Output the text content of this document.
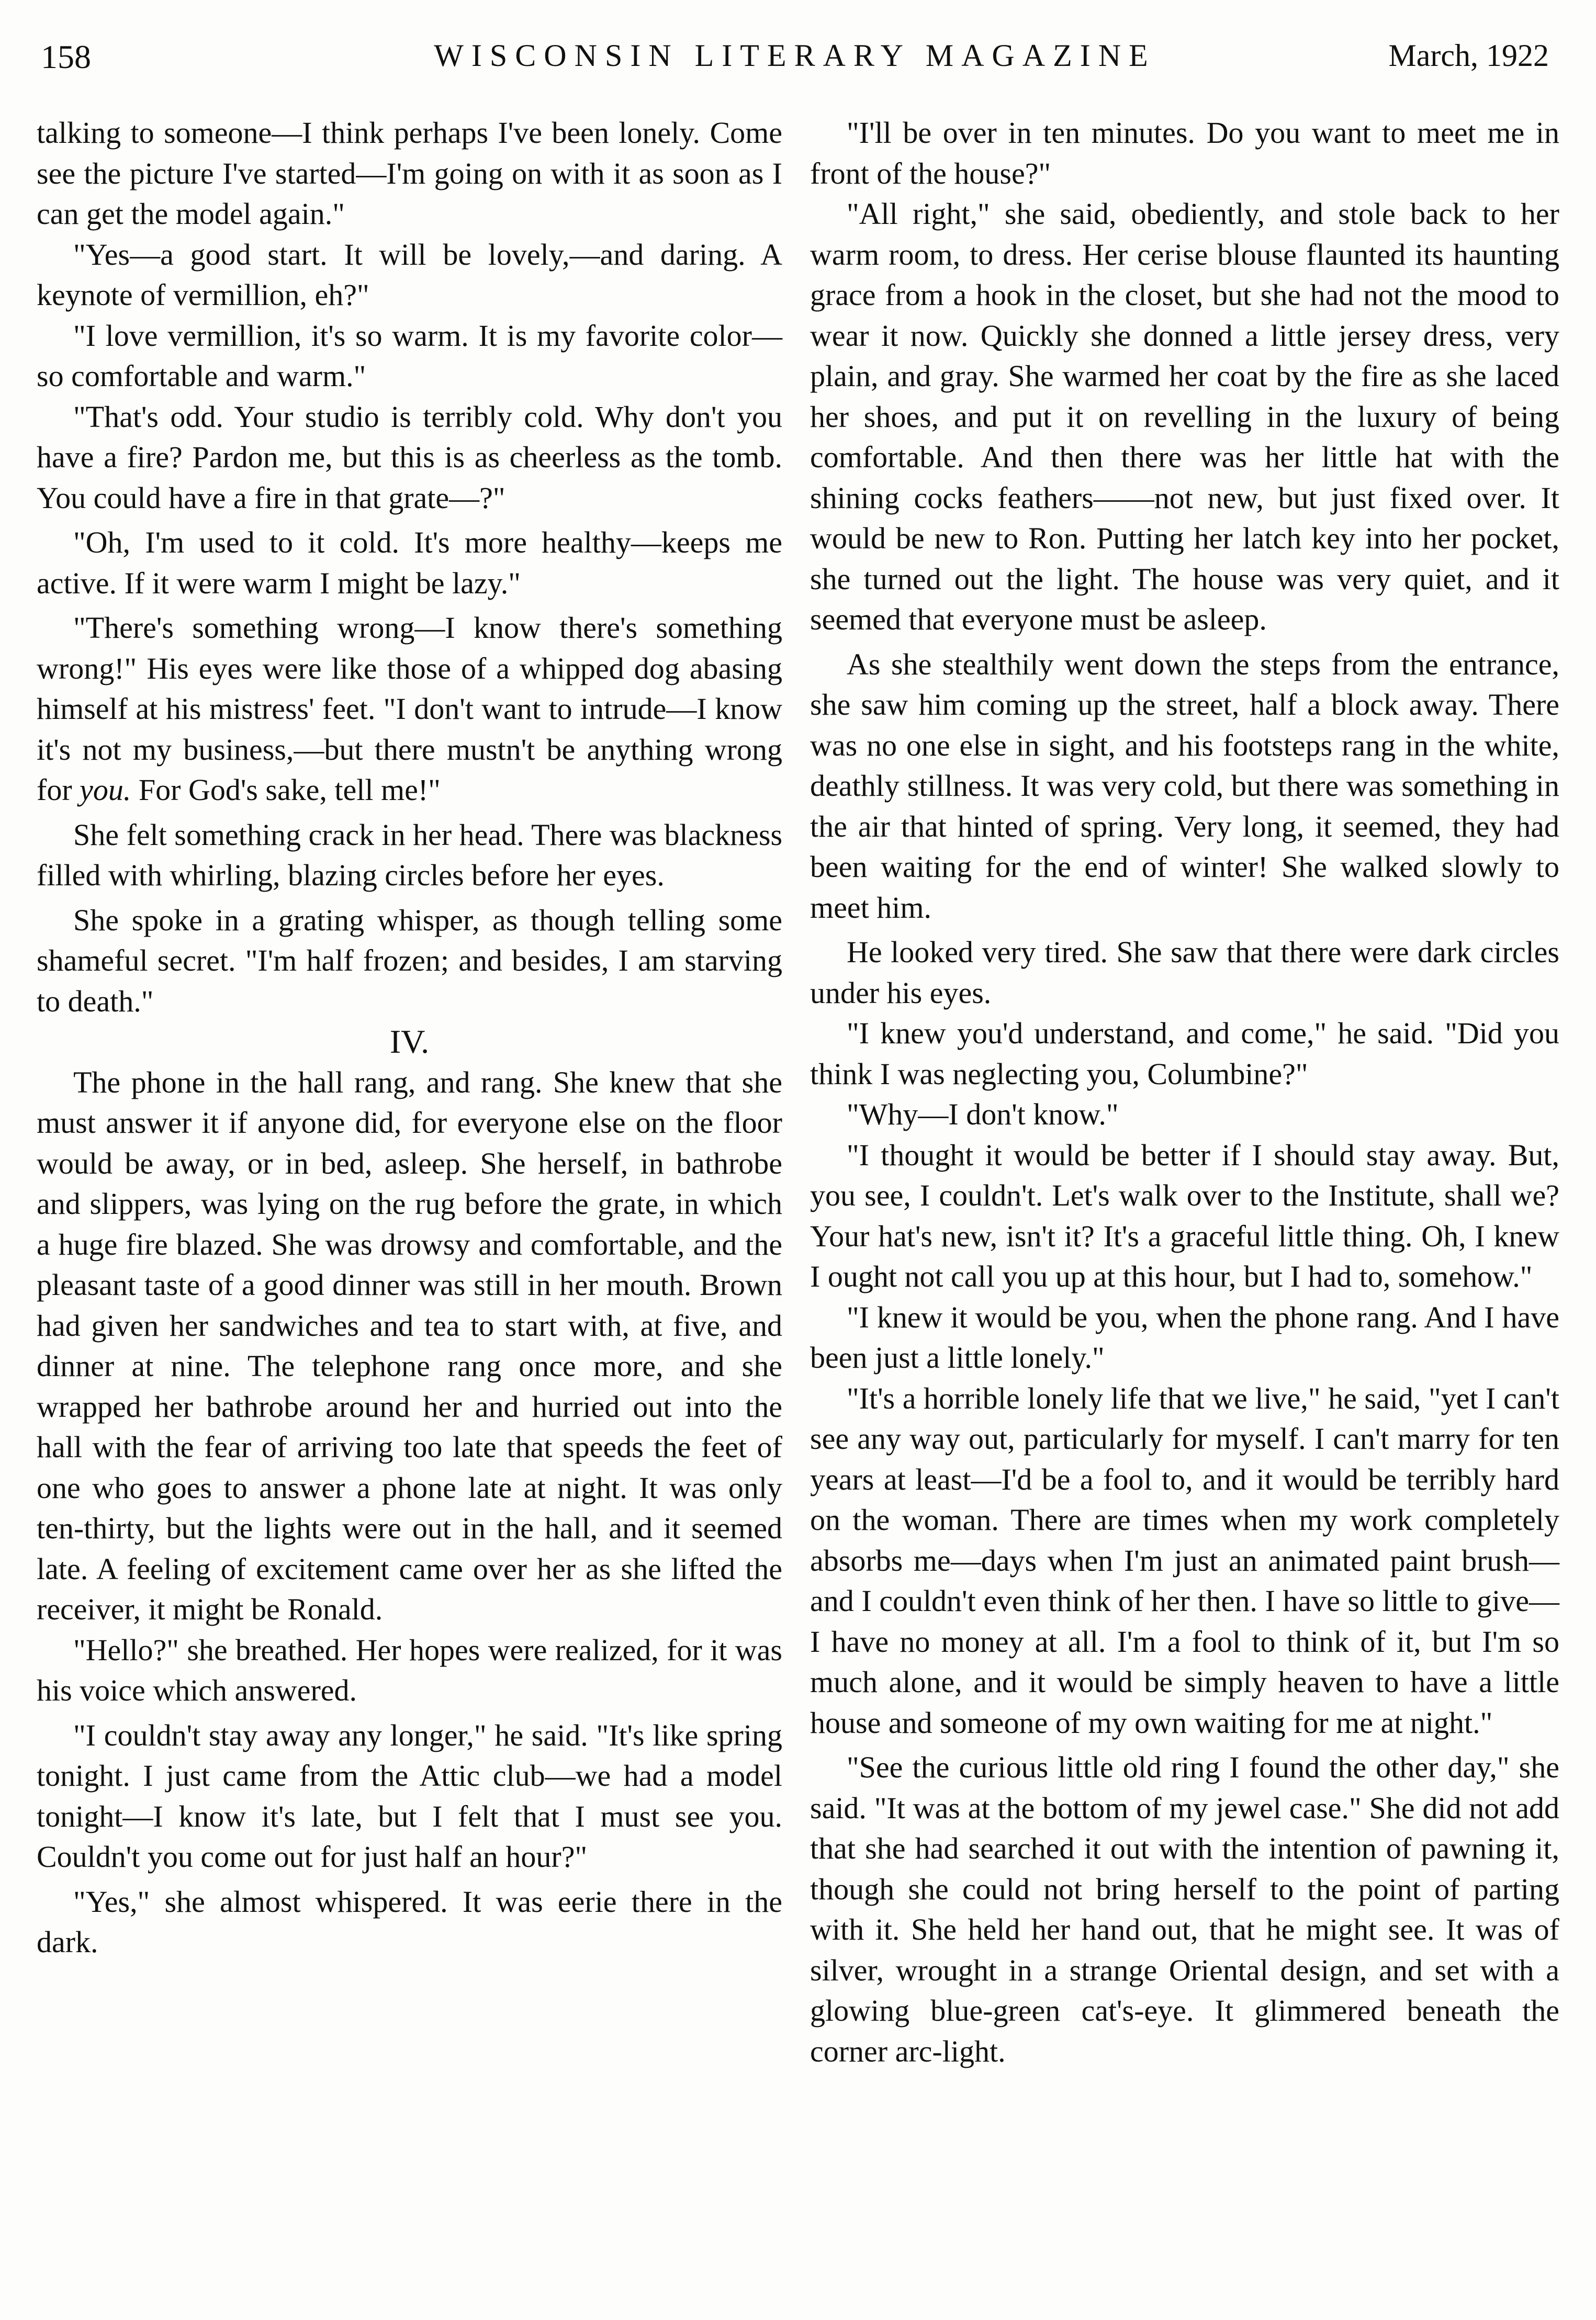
158	WISCONSIN LITERARY MAGAZINE	March, 1922

talking to someone—I think perhaps I've been lonely. Come see the picture I've started—I'm going on with it as soon as I can get the model again."

"Yes—a good start. It will be lovely,—and daring. A keynote of vermillion, eh?"

"I love vermillion, it's so warm. It is my favorite color—so comfortable and warm."

"That's odd. Your studio is terribly cold. Why don't you have a fire? Pardon me, but this is as cheerless as the tomb. You could have a fire in that grate—?"

"Oh, I'm used to it cold. It's more healthy—keeps me active. If it were warm I might be lazy."

"There's something wrong—I know there's something wrong!" His eyes were like those of a whipped dog abasing himself at his mistress' feet. "I don't want to intrude—I know it's not my business,—but there mustn't be anything wrong for you. For God's sake, tell me!"

She felt something crack in her head. There was blackness filled with whirling, blazing circles before her eyes.

She spoke in a grating whisper, as though telling some shameful secret. "I'm half frozen; and besides, I am starving to death."

IV.

The phone in the hall rang, and rang. She knew that she must answer it if anyone did, for everyone else on the floor would be away, or in bed, asleep. She herself, in bathrobe and slippers, was lying on the rug before the grate, in which a huge fire blazed. She was drowsy and comfortable, and the pleasant taste of a good dinner was still in her mouth. Brown had given her sandwiches and tea to start with, at five, and dinner at nine. The telephone rang once more, and she wrapped her bathrobe around her and hurried out into the hall with the fear of arriving too late that speeds the feet of one who goes to answer a phone late at night. It was only ten-thirty, but the lights were out in the hall, and it seemed late. A feeling of excitement came over her as she lifted the receiver, it might be Ronald.

"Hello?" she breathed. Her hopes were realized, for it was his voice which answered.

"I couldn't stay away any longer," he said. "It's like spring tonight. I just came from the Attic club—we had a model tonight—I know it's late, but I felt that I must see you. Couldn't you come out for just half an hour?"

"Yes," she almost whispered. It was eerie there in the dark.

"I'll be over in ten minutes. Do you want to meet me in front of the house?"

"All right," she said, obediently, and stole back to her warm room, to dress. Her cerise blouse flaunted its haunting grace from a hook in the closet, but she had not the mood to wear it now. Quickly she donned a little jersey dress, very plain, and gray. She warmed her coat by the fire as she laced her shoes, and put it on revelling in the luxury of being comfortable. And then there was her little hat with the shining cocks feathers——not new, but just fixed over. It would be new to Ron. Putting her latch key into her pocket, she turned out the light. The house was very quiet, and it seemed that everyone must be asleep.

As she stealthily went down the steps from the entrance, she saw him coming up the street, half a block away. There was no one else in sight, and his footsteps rang in the white, deathly stillness. It was very cold, but there was something in the air that hinted of spring. Very long, it seemed, they had been waiting for the end of winter! She walked slowly to meet him.

He looked very tired. She saw that there were dark circles under his eyes.

"I knew you'd understand, and come," he said. "Did you think I was neglecting you, Columbine?"

"Why—I don't know."

"I thought it would be better if I should stay away. But, you see, I couldn't. Let's walk over to the Institute, shall we? Your hat's new, isn't it? It's a graceful little thing. Oh, I knew I ought not call you up at this hour, but I had to, somehow."

"I knew it would be you, when the phone rang. And I have been just a little lonely."

"It's a horrible lonely life that we live," he said, "yet I can't see any way out, particularly for myself. I can't marry for ten years at least—I'd be a fool to, and it would be terribly hard on the woman. There are times when my work completely absorbs me—days when I'm just an animated paint brush—and I couldn't even think of her then. I have so little to give—I have no money at all. I'm a fool to think of it, but I'm so much alone, and it would be simply heaven to have a little house and someone of my own waiting for me at night."

"See the curious little old ring I found the other day," she said. "It was at the bottom of my jewel case." She did not add that she had searched it out with the intention of pawning it, though she could not bring herself to the point of parting with it. She held her hand out, that he might see. It was of silver, wrought in a strange Oriental design, and set with a glowing blue-green cat's-eye. It glimmered beneath the corner arc-light.
